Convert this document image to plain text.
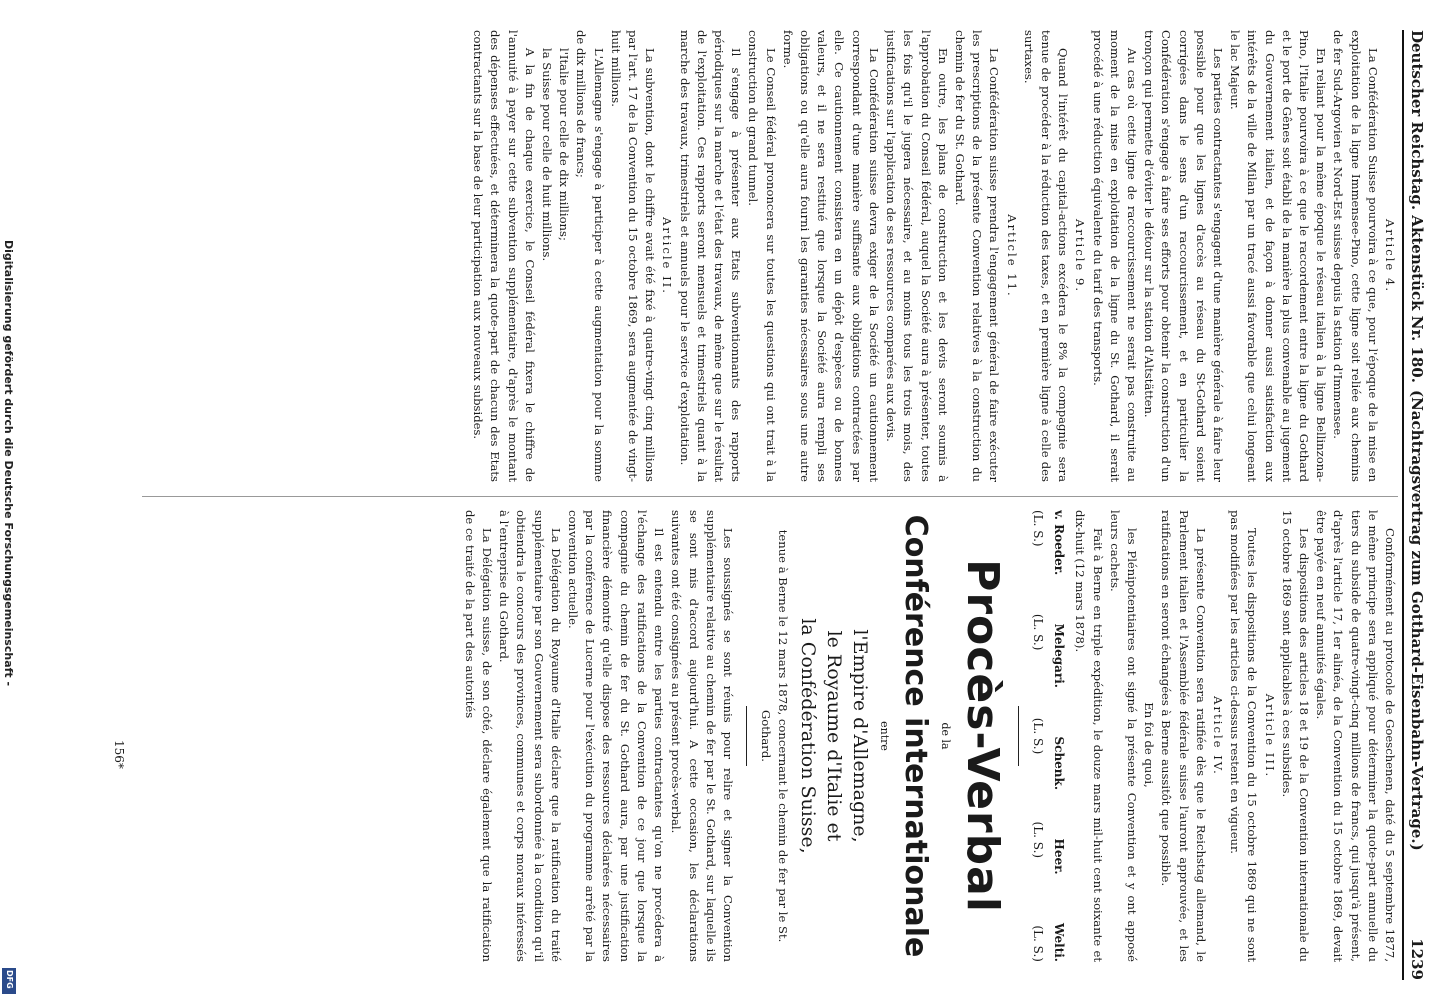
Deutscher Reichstag. Aktenstück Nr. 180.
(Nachtragsvertrag zum Gotthard-Eisenbahn-Vertrage.)
1239

Article 4.

La Confédération Suisse pourvoira à ce que, pour l'époque de la mise en exploitation de la ligne Immensee-Pino, cette ligne soit reliée aux chemins de fer Sud-Argovien et Nord-Est suisse depuis la station d'Immensee.

En reliant pour la même époque le réseau italien à la ligne Bellinzona-Pino, l'Italie pourvoira à ce que le raccordement entre la ligne du Gothard et le port de Gênes soit établi de la manière la plus convenable au jugement du Gouvernement italien, et de façon à donner aussi satisfaction aux intérêts de la ville de Milan par un tracé aussi favorable que celui longeant le lac Majeur.

Les parties contractantes s'engagent d'une manière générale à faire leur possible pour que les lignes d'accès au réseau du St-Gothard soient corrigées dans le sens d'un raccourcissement, et en particulier la Confédération s'engage à faire ses efforts pour obtenir la construction d'un tronçon qui permette d'éviter le détour sur la station d'Altstätten.

Au cas où cette ligne de raccourcissement ne serait pas construite au moment de la mise en exploitation de la ligne du St. Gothard, il serait procédé à une réduction équivalente du tarif des transports.

Article 9.

Quand l'intérêt du capital-actions excédera le 8% la compagnie sera tenue de procéder à la réduction des taxes, et en première ligne à celle des surtaxes.

Article 11.

La Confédération suisse prendra l'engagement général de faire exécuter les prescriptions de la présente Convention relatives à la construction du chemin de fer du St. Gothard.

En outre, les plans de construction et les devis seront soumis à l'approbation du Conseil fédéral, auquel la Société aura à présenter, toutes les fois qu'il le jugera nécessaire, et au moins tous les trois mois, des justifications sur l'application de ses ressources comparées aux devis.

La Confédération suisse devra exiger de la Société un cautionnement correspondant d'une manière suffisante aux obligations contractées par elle. Ce cautionnement consistera en un dépôt d'espèces ou de bonnes valeurs, et il ne sera restitué que lorsque la Société aura rempli ses obligations ou qu'elle aura fourni les garanties nécessaires sous une autre forme.

Le Conseil fédéral prononcera sur toutes les questions qui ont trait à la construction du grand tunnel.

Il s'engage à présenter aux Etats subventionnants des rapports périodiques sur la marche et l'état des travaux, de même que sur le résultat de l'exploitation. Ces rapports seront mensuels et trimestriels quant à la marche des travaux, trimestriels et annuels pour le service d'exploitation.

Article II.

La subvention, dont le chiffre avait été fixé à quatre-vingt cinq millions par l'art. 17 de la Convention du 15 octobre 1869, sera augmentée de vingt-huit millions.

L'Allemagne s'engage à participer à cette augmentation pour la somme de dix millions de francs;

l'Italie pour celle de dix millions;

la Suisse pour celle de huit millions.

A la fin de chaque exercice, le Conseil fédéral fixera le chiffre de l'annuité à payer sur cette subvention supplémentaire, d'après le montant des dépenses effectuées, et déterminera la quote-part de chacun des Etats contractants sur la base de leur participation aux nouveaux subsides.

Conformément au protocole de Goeschenen, daté du 5 septembre 1877, le même principe sera appliqué pour déterminer la quote-part annuelle du tiers du subside de quatre-vingt-cinq millions de francs, qui jusqu'à présent, d'après l'article 17, 1er alinéa, de la Convention du 15 octobre 1869, devait être payée en neuf annuités égales.

Les dispositions des articles 18 et 19 de la Convention internationale du 15 octobre 1869 sont applicables à ces subsides.

Article III.

Toutes les dispositions de la Convention du 15 octobre 1869 qui ne sont pas modifiées par les articles ci-dessus restent en vigueur.

Article IV.

La présente Convention sera ratifiée dès que le Reichstag allemand, le Parlement italien et l'Assemblée fédérale suisse l'auront approuvée, et les ratifications en seront échangées à Berne aussitôt que possible.

En foi de quoi,

les Plénipotentiaires ont signé la présente Convention et y ont apposé leurs cachets.

Fait à Berne en triple expédition, le douze mars mil-huit cent soixante et dix-huit (12 mars 1878).

v. Roeder.
Melegari.
Schenk.
Heer.
Welti.
(L. S.)
(L. S.)
(L. S.)
(L. S.)
(L. S.)
Procès-Verbal
de la
Conférence internationale
entre
l'Empire d'Allemagne,
le Royaume d'Italie et
la Confédération Suisse,

tenue à Berne le 12 mars 1878, concernant le chemin de fer par le St. Gothard.

Les soussignés se sont réunis pour relire et signer la Convention supplémentaire relative au chemin de fer par le St. Gothard, sur laquelle ils se sont mis d'accord aujourd'hui. A cette occasion, les déclarations suivantes ont été consignées au présent procès-verbal.

Il est entendu entre les parties contractantes qu'on ne procédera à l'échange des ratifications de la Convention de ce jour que lorsque la compagnie du chemin de fer du St. Gothard aura, par une justification financière démontré qu'elle dispose des ressources déclarées nécessaires par la conférence de Lucerne pour l'exécution du programme arrêté par la convention actuelle.

La Délégation du Royaume d'Italie déclare que la ratification du traité supplémentaire par son Gouvernement sera subordonnée à la condition qu'il obtiendra le concours des provinces, communes et corps moraux intéressés à l'entreprise du Gothard.

La Délégation suisse, de son côté, déclare également que la ratification de ce traité de la part des autorités

156*
Digitalisierung gefördert durch die Deutsche Forschungsgemeinschaft -
DFG
